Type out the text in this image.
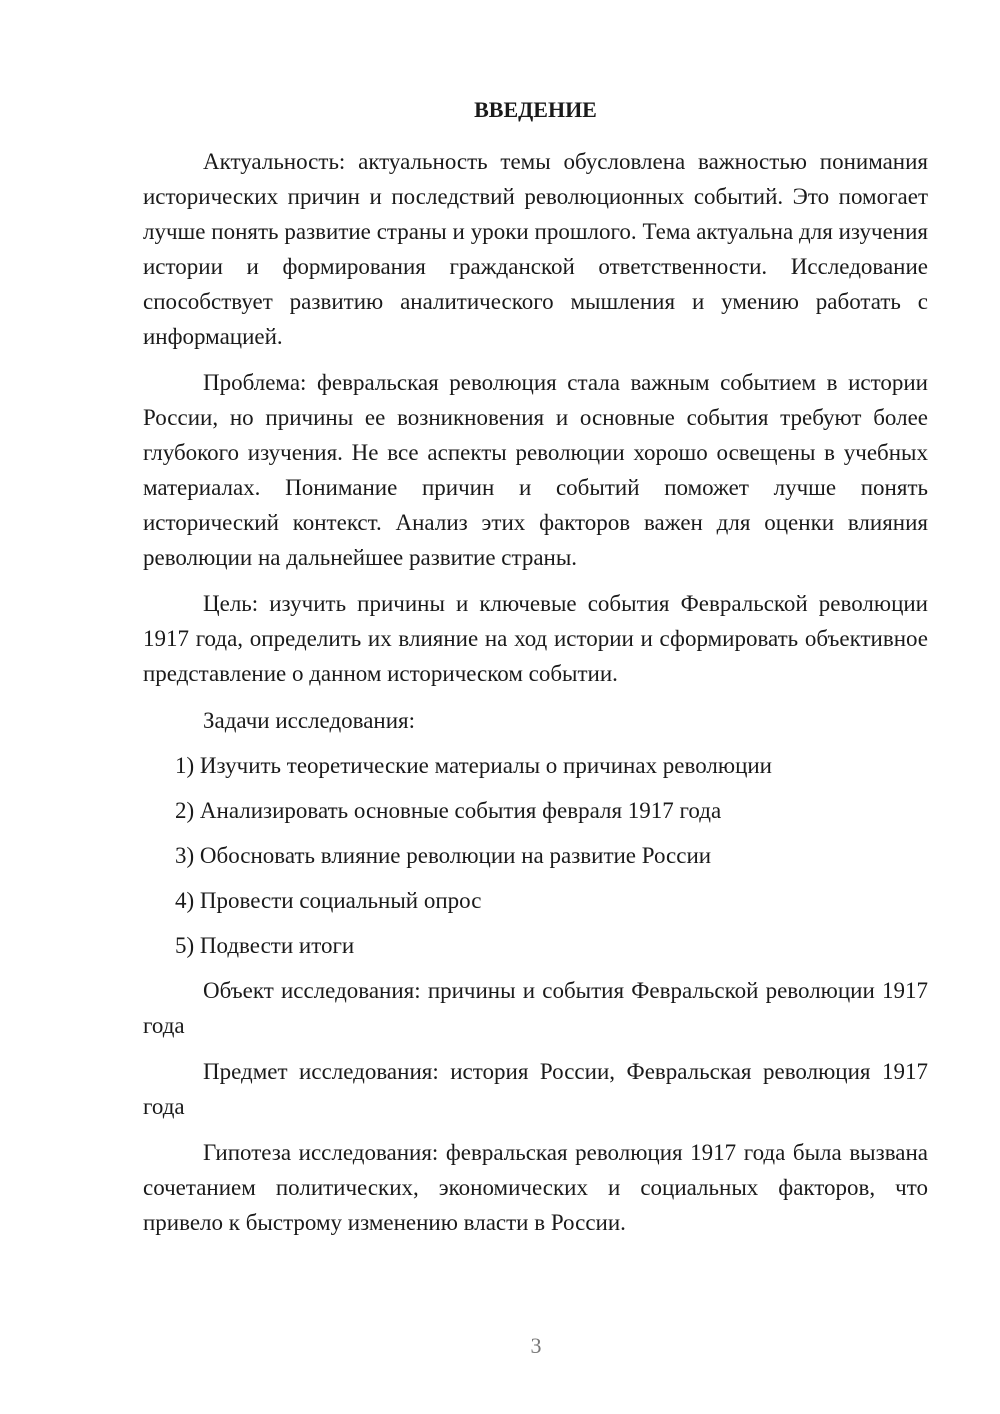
ВВЕДЕНИЕ

Актуальность: актуальность темы обусловлена важностью понимания исторических причин и последствий революционных событий. Это помогает лучше понять развитие страны и уроки прошлого. Тема актуальна для изучения истории и формирования гражданской ответственности. Исследование способствует развитию аналитического мышления и умению работать с информацией.

Проблема: февральская революция стала важным событием в истории России, но причины ее возникновения и основные события требуют более глубокого изучения. Не все аспекты революции хорошо освещены в учебных материалах. Понимание причин и событий поможет лучше понять исторический контекст. Анализ этих факторов важен для оценки влияния революции на дальнейшее развитие страны.

Цель: изучить причины и ключевые события Февральской революции 1917 года, определить их влияние на ход истории и сформировать объективное представление о данном историческом событии.

Задачи исследования:

1) Изучить теоретические материалы о причинах революции

2) Анализировать основные события февраля 1917 года

3) Обосновать влияние революции на развитие России

4) Провести социальный опрос

5) Подвести итоги

Объект исследования: причины и события Февральской революции 1917 года

Предмет исследования: история России, Февральская революция 1917 года

Гипотеза исследования: февральская революция 1917 года была вызвана сочетанием политических, экономических и социальных факторов, что привело к быстрому изменению власти в России.

3
